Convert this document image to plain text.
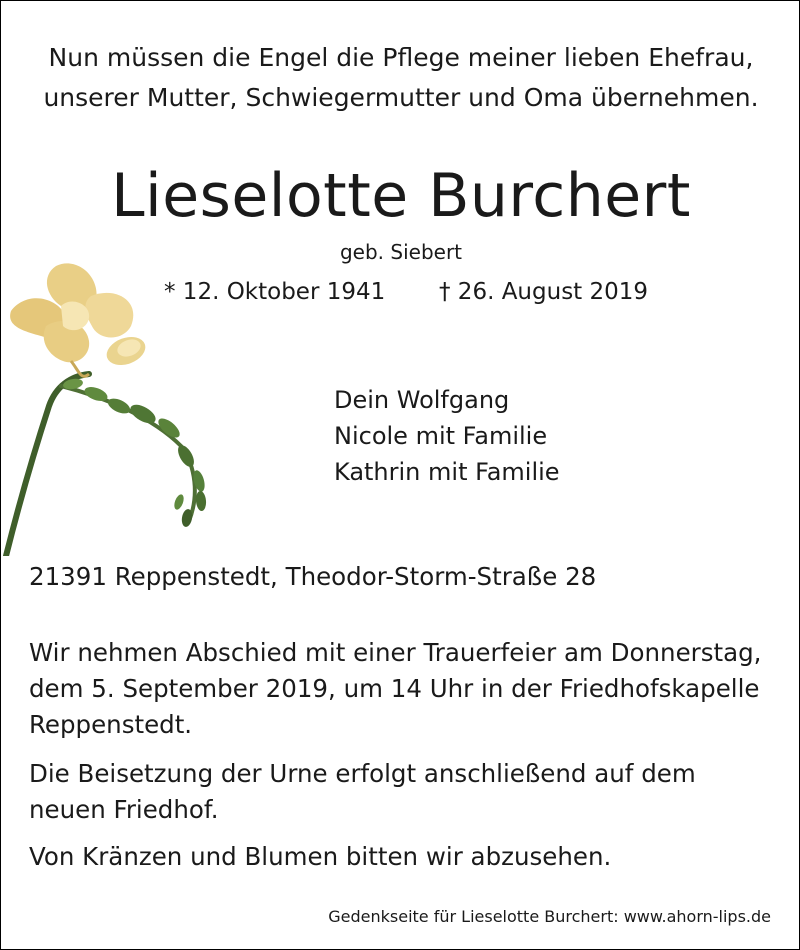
Nun müssen die Engel die Pflege meiner lieben Ehefrau,

unserer Mutter, Schwiegermutter und Oma übernehmen.

Lieselotte Burchert

geb. Siebert

* 12. Oktober 1941 † 26. August 2019
Dein Wolfgang
Nicole mit Familie
Kathrin mit Familie

21391 Reppenstedt, Theodor-Storm-Straße 28

Wir nehmen Abschied mit einer Trauerfeier am Donnerstag,
dem 5. September 2019, um 14 Uhr in der Friedhofskapelle
Reppenstedt.
Die Beisetzung der Urne erfolgt anschließend auf dem
neuen Friedhof.

Von Kränzen und Blumen bitten wir abzusehen.

Gedenkseite für Lieselotte Burchert: www.ahorn-lips.de
